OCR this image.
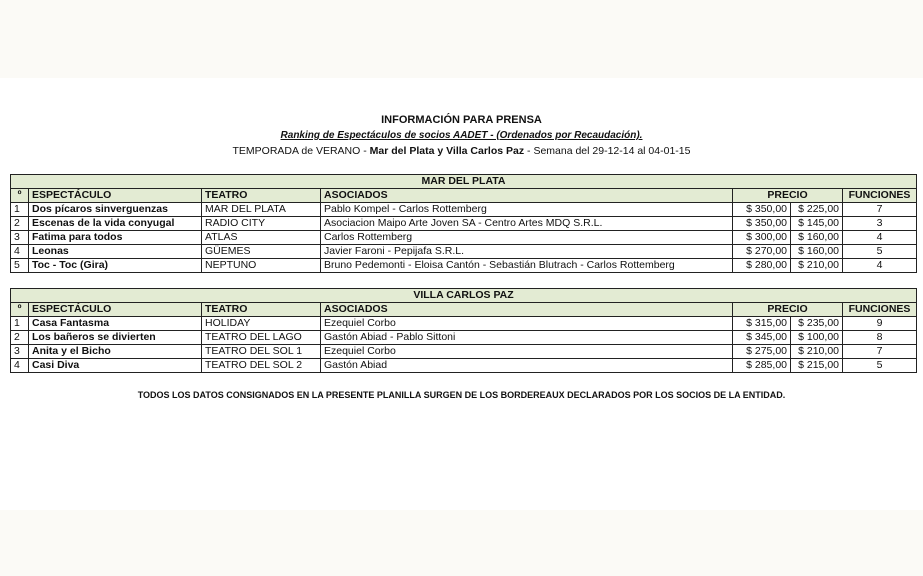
INFORMACIÓN PARA PRENSA
Ranking de Espectáculos de socios AADET - (Ordenados por Recaudación).
TEMPORADA de VERANO - Mar del Plata y Villa Carlos Paz - Semana del 29-12-14 al 04-01-15
MAR DEL PLATA						
º	ESPECTÁCULO	TEATRO	ASOCIADOS	PRECIO		FUNCIONES
1	Dos pícaros sinverguenzas	MAR DEL PLATA	Pablo Kompel - Carlos Rottemberg	$ 350,00	$ 225,00	7
2	Escenas de la vida conyugal	RADIO CITY	Asociacion Maipo Arte Joven SA - Centro Artes MDQ S.R.L.	$ 350,00	$ 145,00	3
3	Fatima para todos	ATLAS	Carlos Rottemberg	$ 300,00	$ 160,00	4
4	Leonas	GÜEMES	Javier Faroni - Pepijafa S.R.L.	$ 270,00	$ 160,00	5
5	Toc - Toc (Gira)	NEPTUNO	Bruno Pedemonti - Eloisa Cantón - Sebastián Blutrach - Carlos Rottemberg	$ 280,00	$ 210,00	4
VILLA CARLOS PAZ						
º	ESPECTÁCULO	TEATRO	ASOCIADOS	PRECIO		FUNCIONES
1	Casa Fantasma	HOLIDAY	Ezequiel Corbo	$ 315,00	$ 235,00	9
2	Los bañeros se divierten	TEATRO DEL LAGO	Gastón Abiad - Pablo Sittoni	$ 345,00	$ 100,00	8
3	Anita y el Bicho	TEATRO DEL SOL 1	Ezequiel Corbo	$ 275,00	$ 210,00	7
4	Casi Diva	TEATRO DEL SOL 2	Gastón Abiad	$ 285,00	$ 215,00	5
TODOS LOS DATOS CONSIGNADOS EN LA PRESENTE PLANILLA SURGEN DE LOS BORDEREAUX DECLARADOS POR LOS SOCIOS DE LA ENTIDAD.
